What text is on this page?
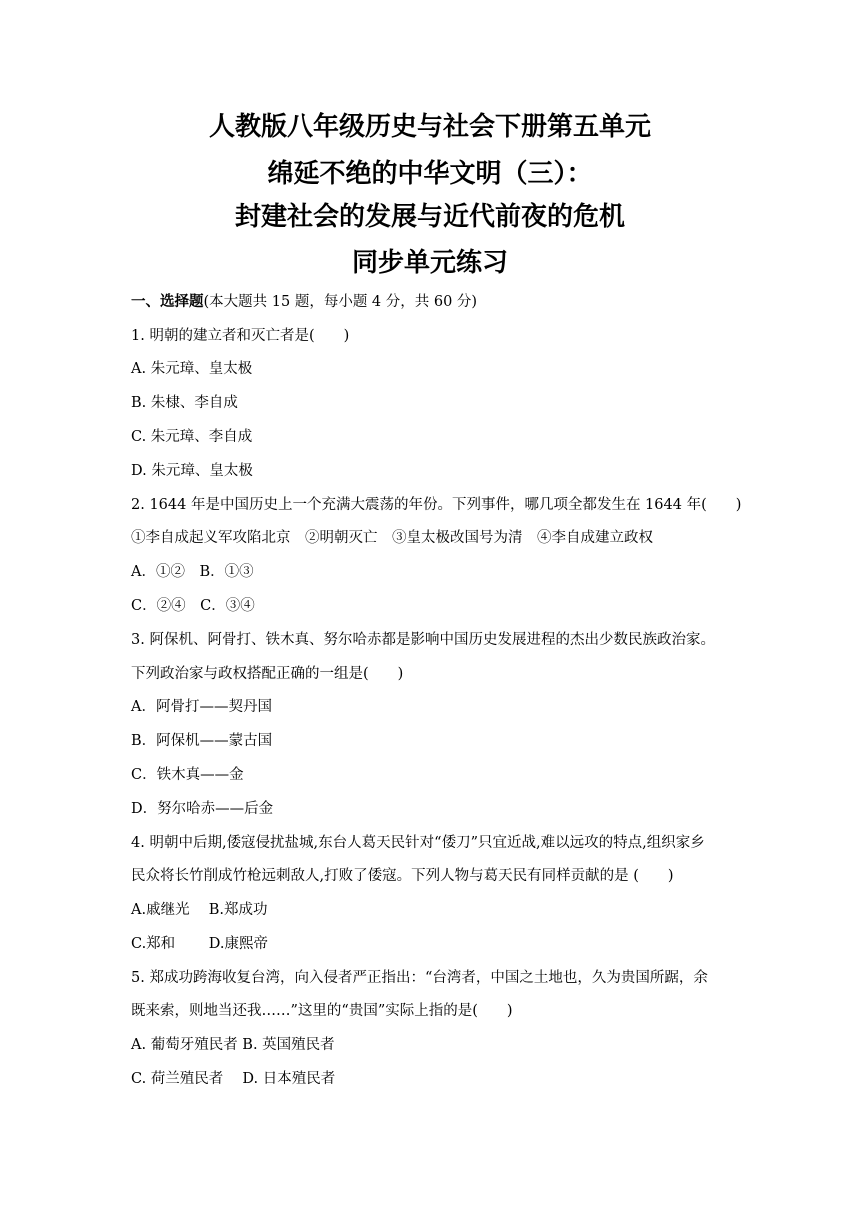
人教版八年级历史与社会下册第五单元
绵延不绝的中华文明（三）：
封建社会的发展与近代前夜的危机
同步单元练习
一、选择题(本大题共 15 题，每小题 4 分，共 60 分)
1. 明朝的建立者和灭亡者是(　　)
A. 朱元璋、皇太极
B. 朱棣、李自成
C. 朱元璋、李自成
D. 朱元璋、皇太极
2. 1644 年是中国历史上一个充满大震荡的年份。下列事件，哪几项全都发生在 1644 年(　　)
①李自成起义军攻陷北京　②明朝灭亡　③皇太极改国号为清　④李自成建立政权
A．①②　B．①③
C．②④　C．③④
3. 阿保机、阿骨打、铁木真、努尔哈赤都是影响中国历史发展进程的杰出少数民族政治家。
下列政治家与政权搭配正确的一组是(　　)
A．阿骨打——契丹国
B．阿保机——蒙古国
C．铁木真——金
D．努尔哈赤——后金
4. 明朝中后期,倭寇侵扰盐城,东台人葛天民针对“倭刀”只宜近战,难以远攻的特点,组织家乡
民众将长竹削成竹枪远刺敌人,打败了倭寇。下列人物与葛天民有同样贡献的是 (　　)
A.戚继光　 B.郑成功
C.郑和　　 D.康熙帝
5. 郑成功跨海收复台湾，向入侵者严正指出：“台湾者，中国之土地也，久为贵国所踞，余
既来索，则地当还我……”这里的“贵国”实际上指的是(　　)
A. 葡萄牙殖民者 B. 英国殖民者
C. 荷兰殖民者　 D. 日本殖民者
